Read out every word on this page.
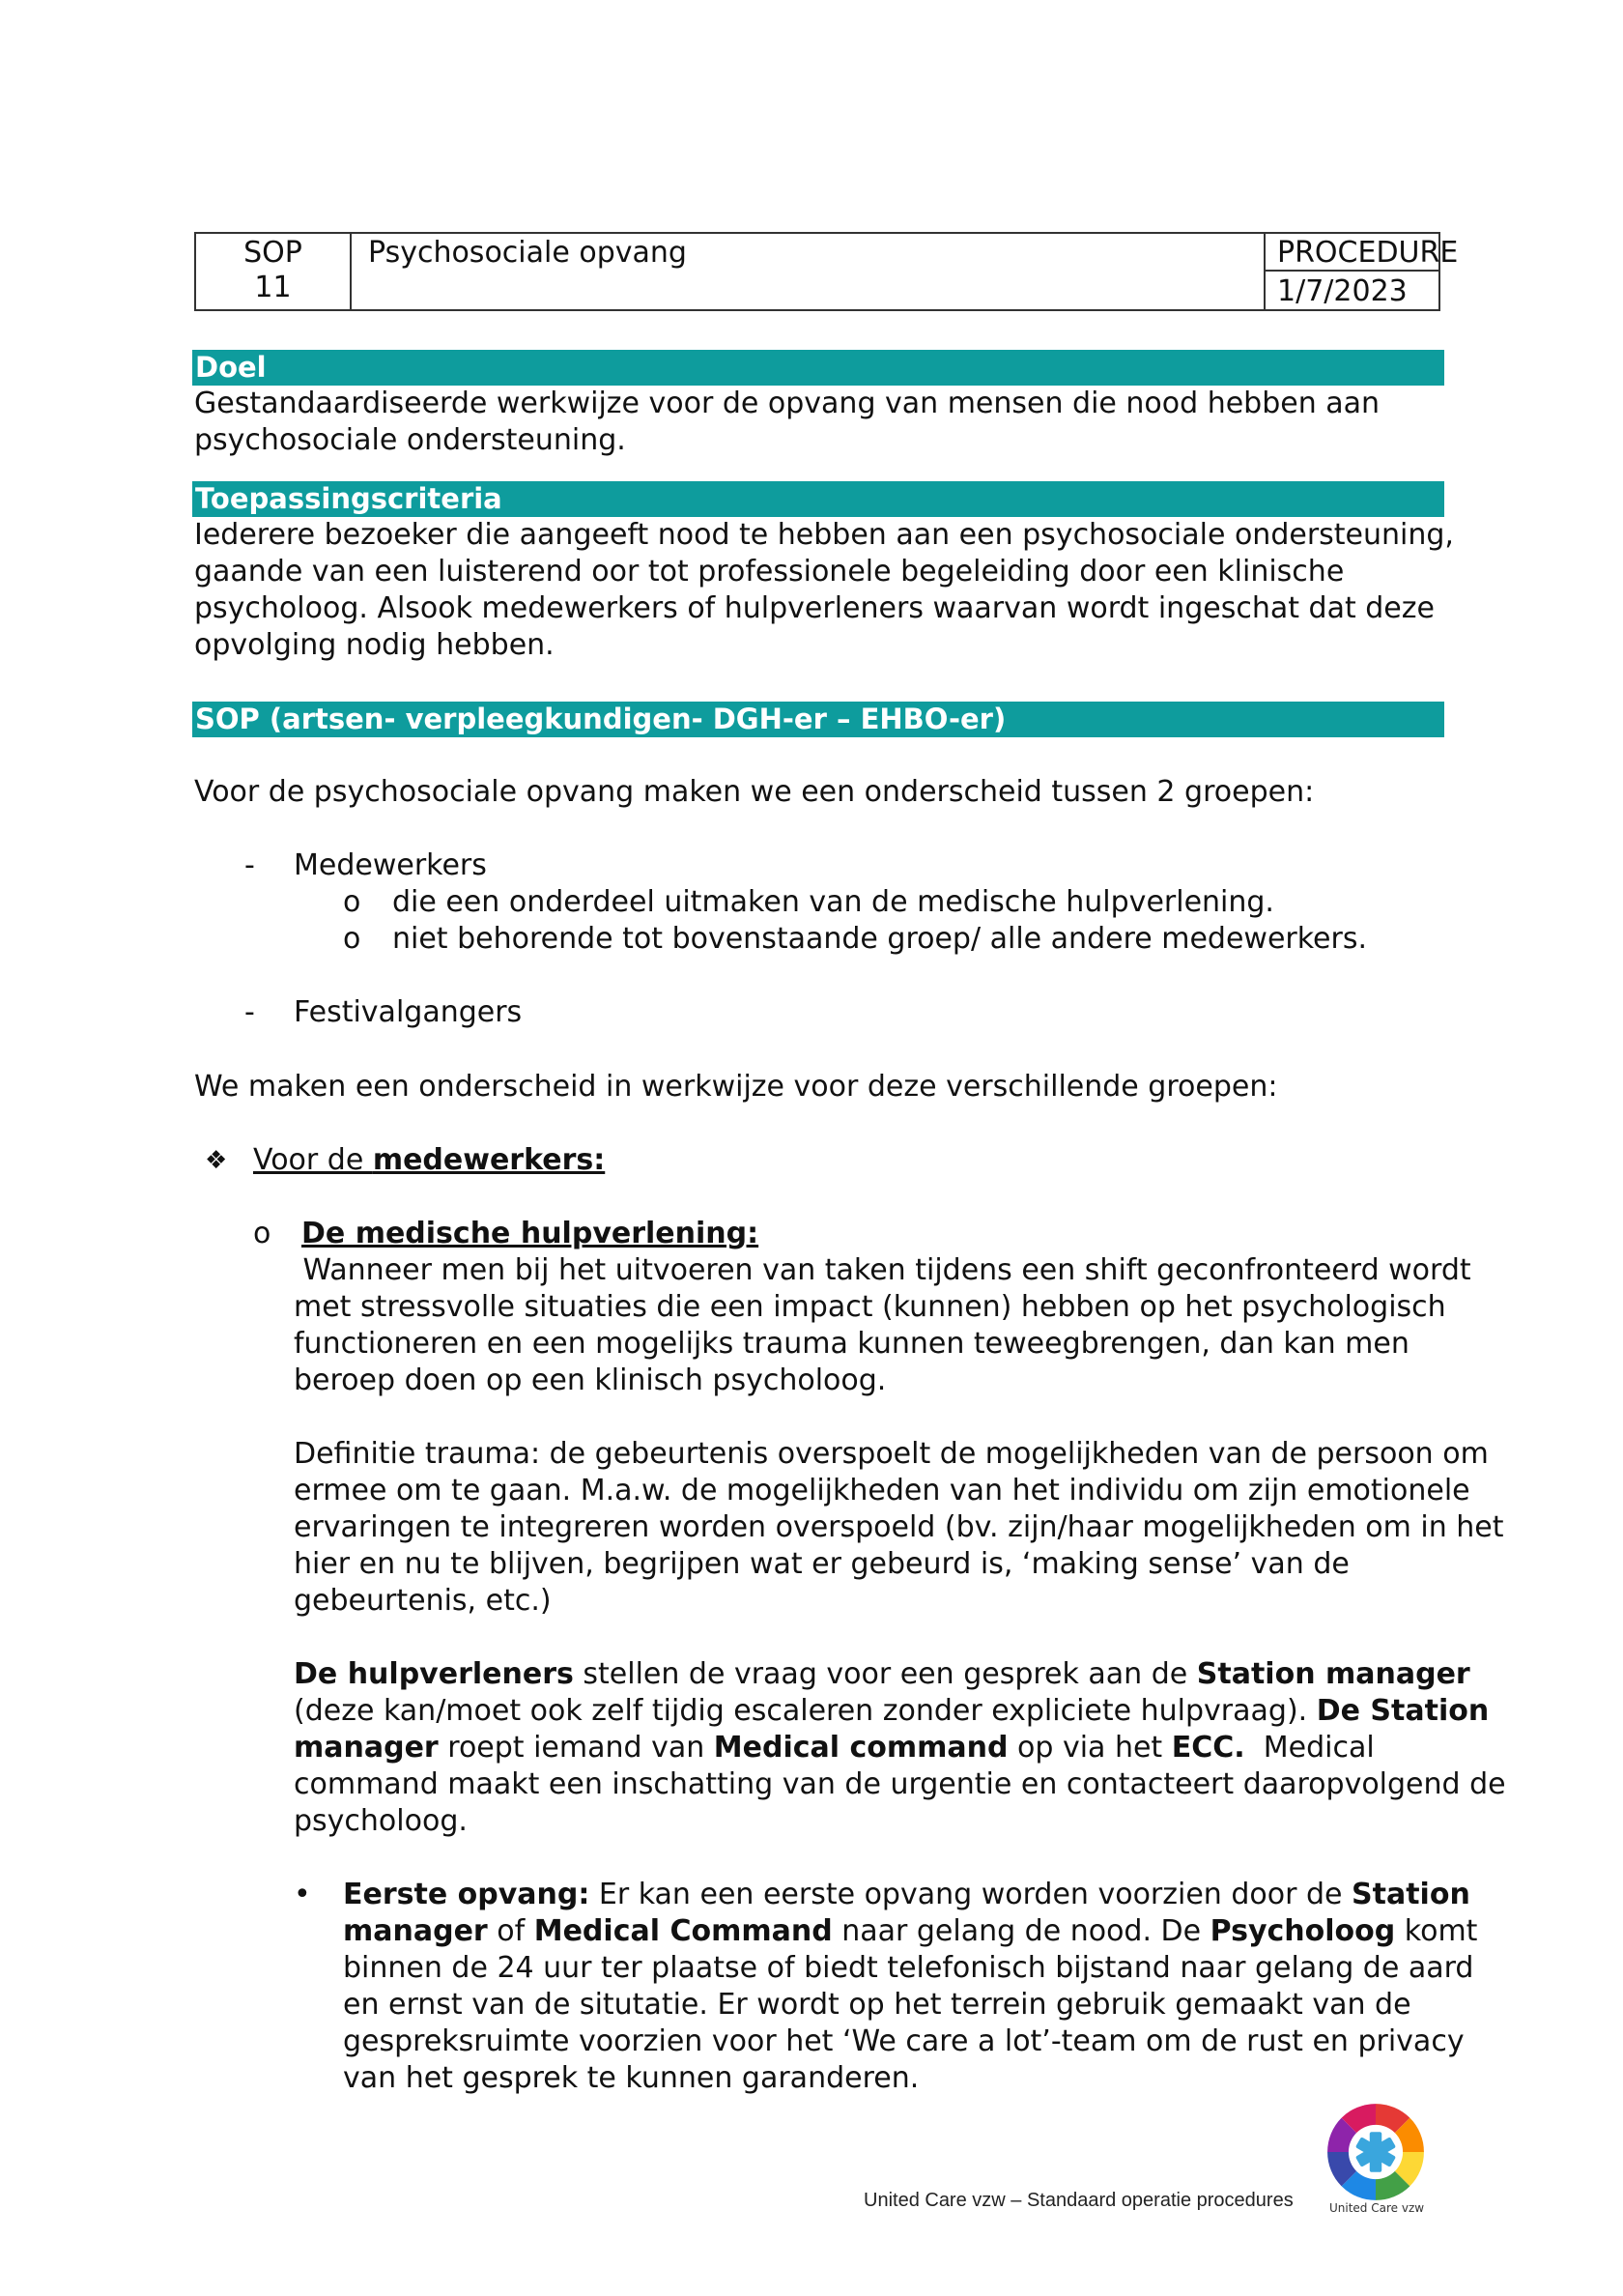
SOP
11
Psychosociale opvang	PROCEDURE
1/7/2023
Doel
Gestandaardiseerde werkwijze voor de opvang van mensen die nood hebben aan
psychosociale ondersteuning.
Toepassingscriteria
Iederere bezoeker die aangeeft nood te hebben aan een psychosociale ondersteuning,
gaande van een luisterend oor tot professionele begeleiding door een klinische
psycholoog. Alsook medewerkers of hulpverleners waarvan wordt ingeschat dat deze
opvolging nodig hebben.
SOP (artsen- verpleegkundigen- DGH-er – EHBO-er)
Voor de psychosociale opvang maken we een onderscheid tussen 2 groepen:
- Medewerkers
o die een onderdeel uitmaken van de medische hulpverlening.
o niet behorende tot bovenstaande groep/ alle andere medewerkers.
- Festivalgangers
We maken een onderscheid in werkwijze voor deze verschillende groepen:
❖ Voor de medewerkers:
o De medische hulpverlening:
Wanneer men bij het uitvoeren van taken tijdens een shift geconfronteerd wordt
met stressvolle situaties die een impact (kunnen) hebben op het psychologisch
functioneren en een mogelijks trauma kunnen teweegbrengen, dan kan men
beroep doen op een klinisch psycholoog.
Definitie trauma: de gebeurtenis overspoelt de mogelijkheden van de persoon om
ermee om te gaan. M.a.w. de mogelijkheden van het individu om zijn emotionele
ervaringen te integreren worden overspoeld (bv. zijn/haar mogelijkheden om in het
hier en nu te blijven, begrijpen wat er gebeurd is, ‘making sense’ van de
gebeurtenis, etc.)
De hulpverleners stellen de vraag voor een gesprek aan de Station manager
(deze kan/moet ook zelf tijdig escaleren zonder expliciete hulpvraag). De Station
manager roept iemand van Medical command op via het ECC.  Medical
command maakt een inschatting van de urgentie en contacteert daaropvolgend de
psycholoog.
• Eerste opvang: Er kan een eerste opvang worden voorzien door de Station
manager of Medical Command naar gelang de nood. De Psycholoog komt
binnen de 24 uur ter plaatse of biedt telefonisch bijstand naar gelang de aard
en ernst van de situtatie. Er wordt op het terrein gebruik gemaakt van de
gespreksruimte voorzien voor het ‘We care a lot’-team om de rust en privacy
van het gesprek te kunnen garanderen.
United Care vzw
United Care vzw – Standaard operatie procedures
